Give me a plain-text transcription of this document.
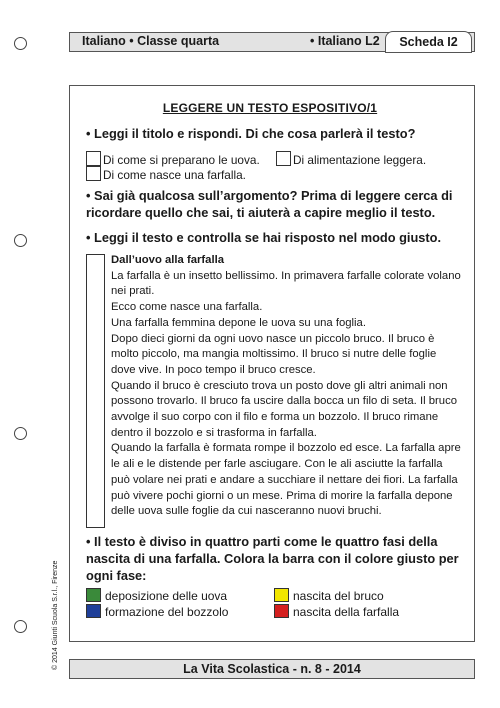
Italiano • Classe quarta	• Italiano L2	Scheda I2
LEGGERE UN TESTO ESPOSITIVO/1
• Leggi il titolo e rispondi. Di che cosa parlerà il testo?
Di come si preparano le uova.	Di alimentazione leggera.
Di come nasce una farfalla.
• Sai già qualcosa sull’argomento? Prima di leggere cerca di ricordare quello che sai, ti aiuterà a capire meglio il testo.
• Leggi il testo e controlla se hai risposto nel modo giusto.

Dall’uovo alla farfalla

La farfalla è un insetto bellissimo. In primavera farfalle colorate volano nei prati.

Ecco come nasce una farfalla.

Una farfalla femmina depone le uova su una foglia.

Dopo dieci giorni da ogni uovo nasce un piccolo bruco. Il bruco è molto piccolo, ma mangia moltissimo. Il bruco si nutre delle foglie dove vive. In poco tempo il bruco cresce.

Quando il bruco è cresciuto trova un posto dove gli altri animali non possono trovarlo. Il bruco fa uscire dalla bocca un filo di seta. Il bruco avvolge il suo corpo con il filo e forma un bozzolo. Il bruco rimane dentro il bozzolo e si trasforma in farfalla.

Quando la farfalla è formata rompe il bozzolo ed esce. La farfalla apre le ali e le distende per farle asciugare. Con le ali asciutte la farfalla può volare nei prati e andare a succhiare il nettare dei fiori. La farfalla può vivere pochi giorni o un mese. Prima di morire la farfalla depone delle uova sulle foglie da cui nasceranno nuovi bruchi.

• Il testo è diviso in quattro parti come le quattro fasi della nascita di una farfalla. Colora la barra con il colore giusto per ogni fase:
deposizione delle uova	nascita del bruco
formazione del bozzolo	nascita della farfalla
© 2014 Giunti Scuola S.r.l., Firenze	La Vita Scolastica - n. 8 - 2014
